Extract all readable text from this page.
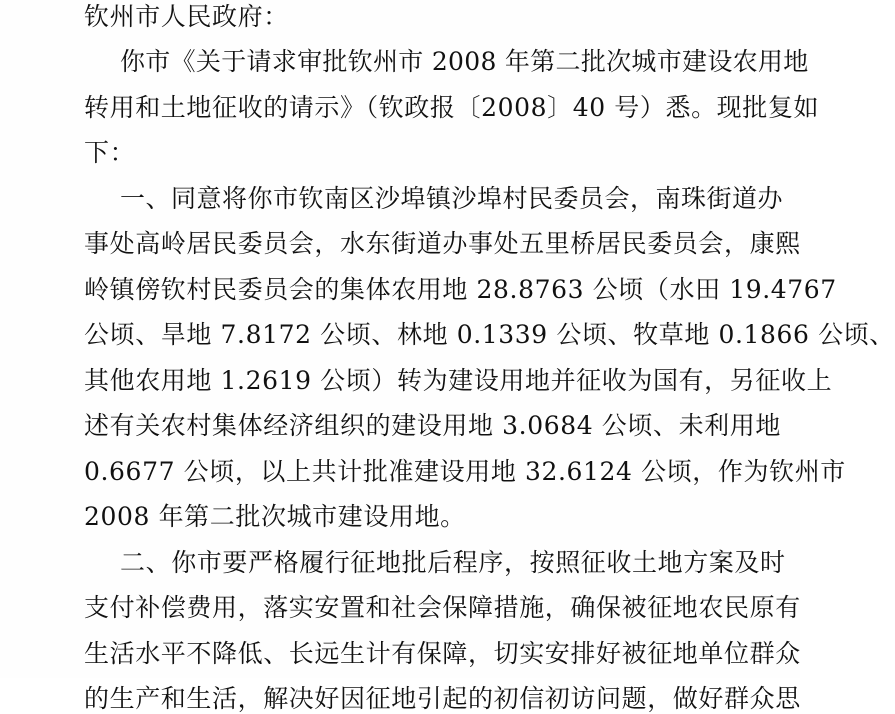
钦州市人民政府：
你市《关于请求审批钦州市 2008 年第二批次城市建设农用地
转用和土地征收的请示》（钦政报〔2008〕40 号）悉。现批复如
下：
一、同意将你市钦南区沙埠镇沙埠村民委员会，南珠街道办
事处高岭居民委员会，水东街道办事处五里桥居民委员会，康熙
岭镇傍钦村民委员会的集体农用地 28.8763 公顷（水田 19.4767
公顷、旱地 7.8172 公顷、林地 0.1339 公顷、牧草地 0.1866 公顷、
其他农用地 1.2619 公顷）转为建设用地并征收为国有，另征收上
述有关农村集体经济组织的建设用地 3.0684 公顷、未利用地
0.6677 公顷，以上共计批准建设用地 32.6124 公顷，作为钦州市
2008 年第二批次城市建设用地。
二、你市要严格履行征地批后程序，按照征收土地方案及时
支付补偿费用，落实安置和社会保障措施，确保被征地农民原有
生活水平不降低、长远生计有保障，切实安排好被征地单位群众
的生产和生活，解决好因征地引起的初信初访问题，做好群众思
